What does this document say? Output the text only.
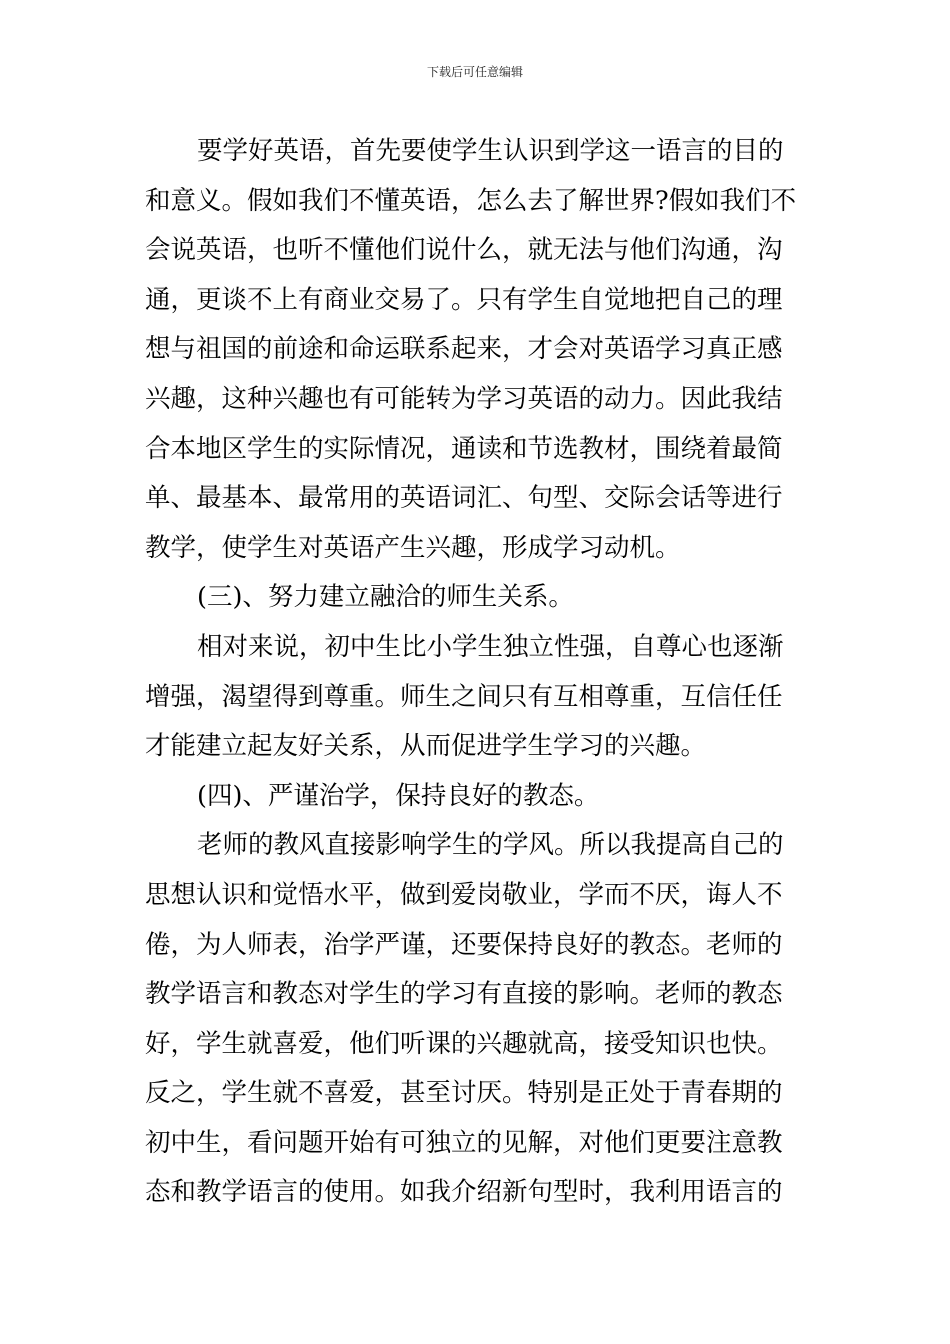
下载后可任意编辑
要学好英语，首先要使学生认识到学这一语言的目的
和意义。假如我们不懂英语，怎么去了解世界?假如我们不
会说英语，也听不懂他们说什么，就无法与他们沟通，沟
通，更谈不上有商业交易了。只有学生自觉地把自己的理
想与祖国的前途和命运联系起来，才会对英语学习真正感
兴趣，这种兴趣也有可能转为学习英语的动力。因此我结
合本地区学生的实际情况，通读和节选教材，围绕着最简
单、最基本、最常用的英语词汇、句型、交际会话等进行
教学，使学生对英语产生兴趣，形成学习动机。
(三)、努力建立融洽的师生关系。
相对来说，初中生比小学生独立性强，自尊心也逐渐
增强，渴望得到尊重。师生之间只有互相尊重，互信任任
才能建立起友好关系，从而促进学生学习的兴趣。
(四)、严谨治学，保持良好的教态。
老师的教风直接影响学生的学风。所以我提高自己的
思想认识和觉悟水平，做到爱岗敬业，学而不厌，诲人不
倦，为人师表，治学严谨，还要保持良好的教态。老师的
教学语言和教态对学生的学习有直接的影响。老师的教态
好，学生就喜爱，他们听课的兴趣就高，接受知识也快。
反之，学生就不喜爱，甚至讨厌。特别是正处于青春期的
初中生，看问题开始有可独立的见解，对他们更要注意教
态和教学语言的使用。如我介绍新句型时，我利用语言的
